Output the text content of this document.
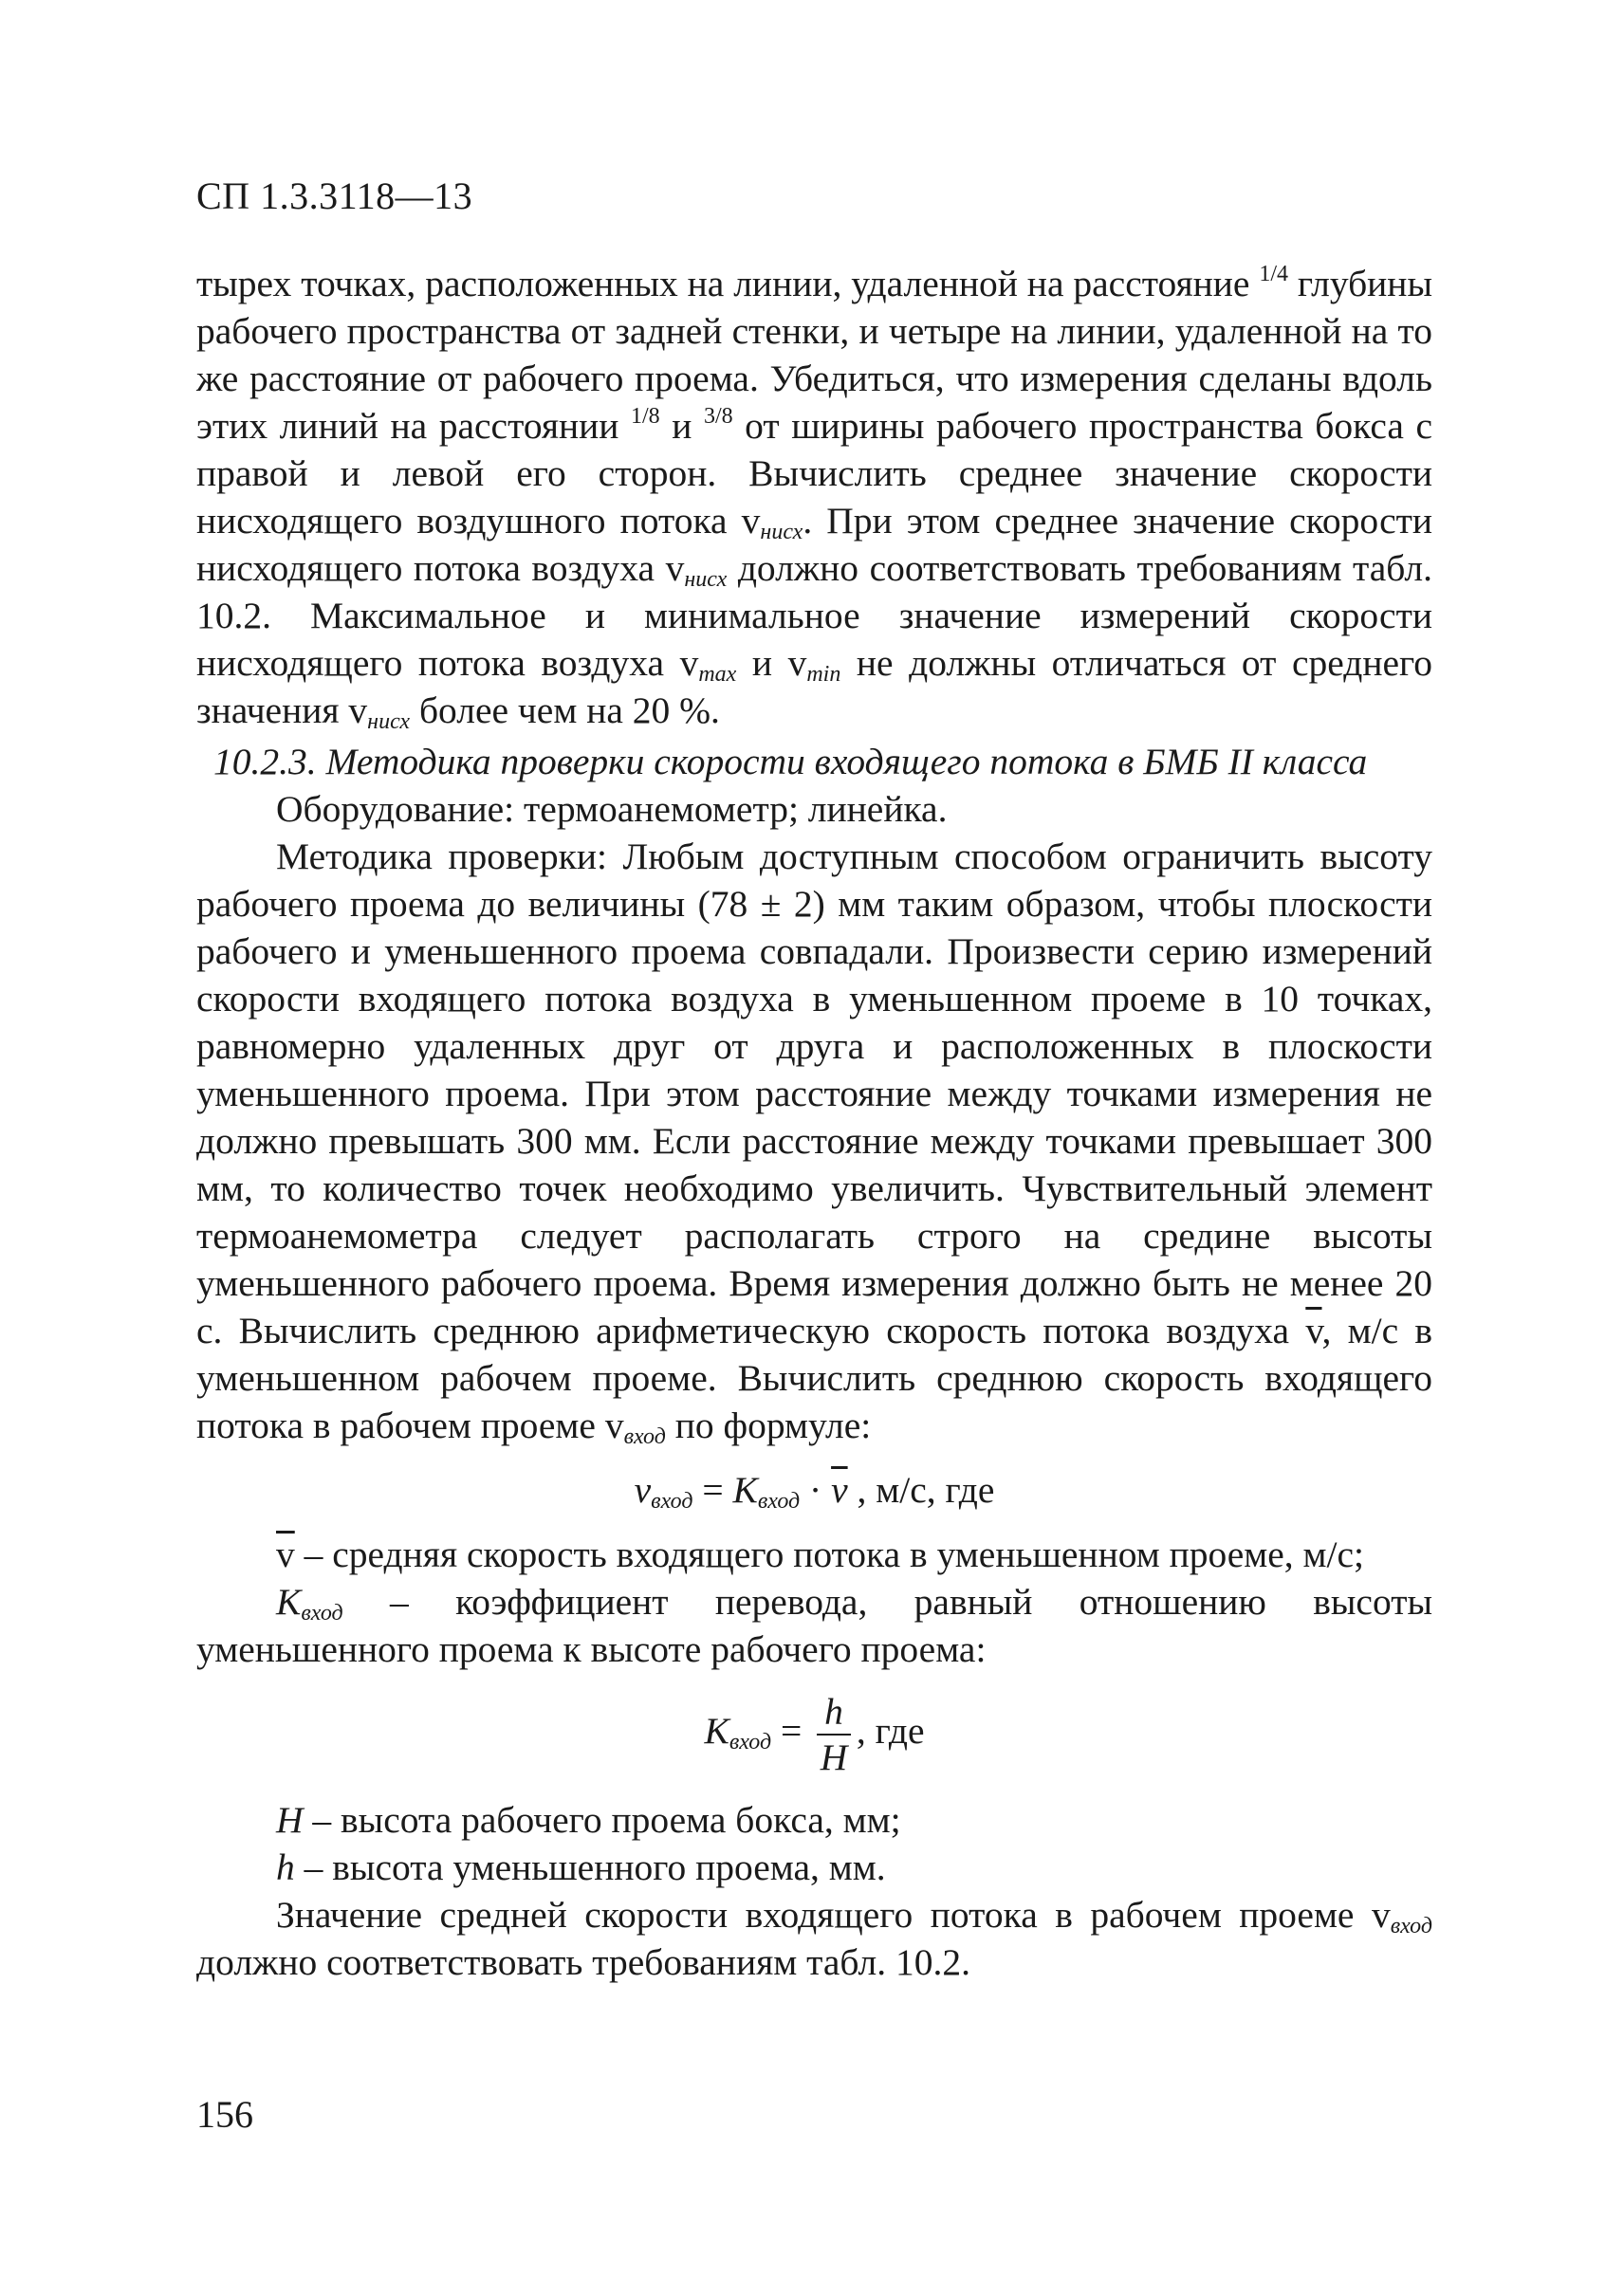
СП 1.3.3118—13

тырех точках, расположенных на линии, удаленной на расстояние $^{1/4}$ глубины рабочего пространства от задней стенки, и четыре на линии, удаленной на то же расстояние от рабочего проема. Убедиться, что измерения сделаны вдоль этих линий на расстоянии $^{1/8}$ и $^{3/8}$ от ширины рабочего пространства бокса с правой и левой его сторон. Вычислить среднее значение скорости нисходящего воздушного потока $v_{нисх}$. При этом среднее значение скорости нисходящего потока воздуха $v_{нисх}$ должно соответствовать требованиям табл. 10.2. Максимальное и минимальное значение измерений скорости нисходящего потока воздуха $v_{max}$ и $v_{min}$ не должны отличаться от среднего значения $v_{нисх}$ более чем на 20 %.

10.2.3. Методика проверки скорости входящего потока в БМБ II класса

Оборудование: термоанемометр; линейка.

Методика проверки: Любым доступным способом ограничить высоту рабочего проема до величины (78 ± 2) мм таким образом, чтобы плоскости рабочего и уменьшенного проема совпадали. Произвести серию измерений скорости входящего потока воздуха в уменьшенном проеме в 10 точках, равномерно удаленных друг от друга и расположенных в плоскости уменьшенного проема. При этом расстояние между точками измерения не должно превышать 300 мм. Если расстояние между точками превышает 300 мм, то количество точек необходимо увеличить. Чувствительный элемент термоанемометра следует располагать строго на средине высоты уменьшенного рабочего проема. Время измерения должно быть не менее 20 с. Вычислить среднюю арифметическую скорость потока воздуха $\overline{v}$, м/с в уменьшенном рабочем проеме. Вычислить среднюю скорость входящего потока в рабочем проеме $v_{вход}$ по формуле:

$v_{вход} = K_{вход} \cdot \overline{v}$ , м/с, где

$\overline{v}$ – средняя скорость входящего потока в уменьшенном проеме, м/с;

$K_{вход}$ – коэффициент перевода, равный отношению высоты уменьшенного проема к высоте рабочего проема:

$K_{вход} = \frac{h}{H}$ , где

H – высота рабочего проема бокса, мм;

h – высота уменьшенного проема, мм.

Значение средней скорости входящего потока в рабочем проеме $v_{вход}$ должно соответствовать требованиям табл. 10.2.

156
